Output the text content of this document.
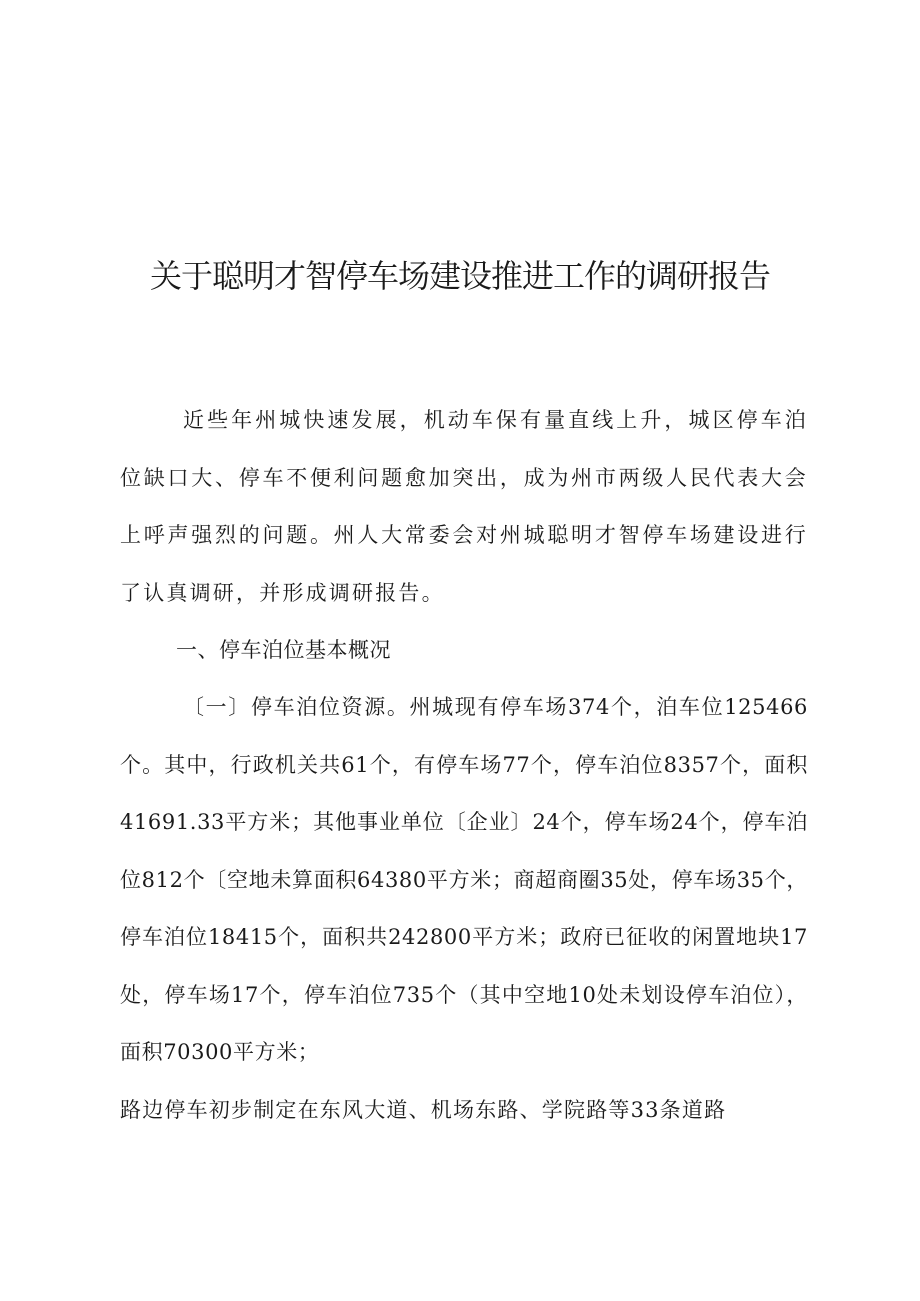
关于聪明才智停车场建设推进工作的调研报告

近些年州城快速发展，机动车保有量直线上升，城区停车泊位缺口大、停车不便利问题愈加突出，成为州市两级人民代表大会上呼声强烈的问题。州人大常委会对州城聪明才智停车场建设进行了认真调研，并形成调研报告。

一、停车泊位基本概况

〔一〕停车泊位资源。州城现有停车场374个，泊车位125466个。其中，行政机关共61个，有停车场77个，停车泊位8357个，面积41691.33平方米；其他事业单位〔企业〕24个，停车场24个，停车泊位812个〔空地未算面积64380平方米；商超商圈35处，停车场35个，停车泊位18415个，面积共242800平方米；政府已征收的闲置地块17处，停车场17个，停车泊位735个（其中空地10处未划设停车泊位），面积70300平方米；

路边停车初步制定在东风大道、机场东路、学院路等33条道路
